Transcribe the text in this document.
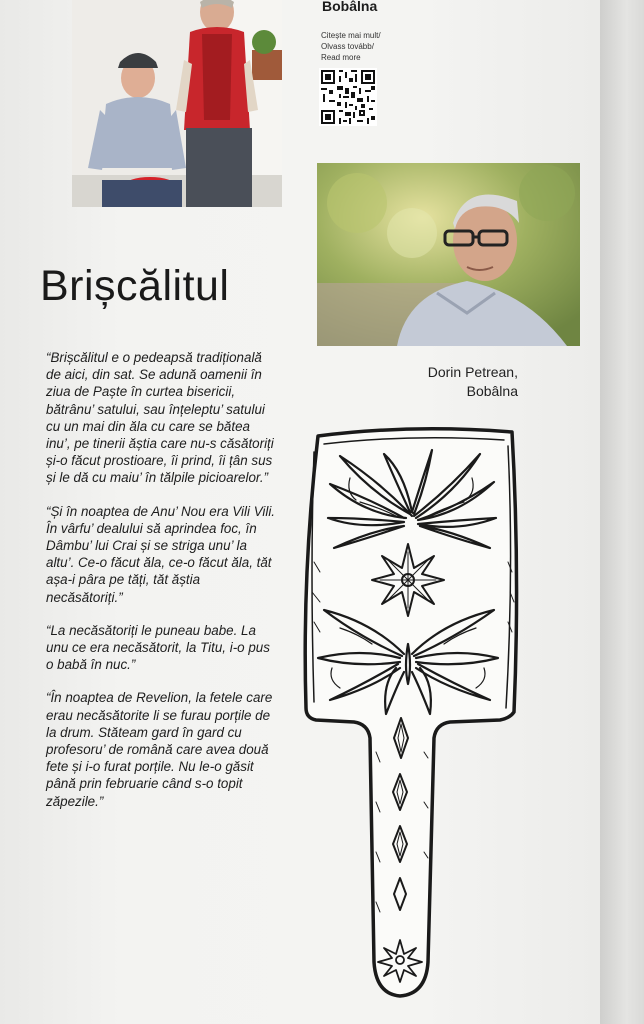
Bobâlna
Citește mai mult/
Olvass tovább/
Read more
Brișcălitul

“Brișcălitul e o pedeapsă tradițională
de aici, din sat. Se adună oamenii în
ziua de Paște în curtea bisericii,
bătrânu’ satului, sau înțeleptu’ satului
cu un mai din ăla cu care se bătea
inu’, pe tinerii ăștia care nu-s căsătoriți
și-o făcut prostioare, îi prind, îi țân sus
și le dă cu maiu’ în tălpile picioarelor.”

“Și în noaptea de Anu’ Nou era Vili Vili.
În vârfu’ dealului să aprindea foc, în
Dâmbu’ lui Crai și se striga unu’ la
altu’. Ce-o făcut ăla, ce-o făcut ăla, tăt
așa-i pâra pe tăți, tăt ăștia
necăsătoriți.”

“La necăsătoriți le puneau babe. La
unu ce era necăsătorit, la Titu, i-o pus
o babă în nuc.”

“În noaptea de Revelion, la fetele care
erau necăsătorite li se furau porțile de
la drum. Stăteam gard în gard cu
profesoru’ de română care avea două
fete și i-o furat porțile. Nu le-o găsit
până prin februarie când s-o topit
zăpezile.”

Dorin Petrean,
Bobâlna
